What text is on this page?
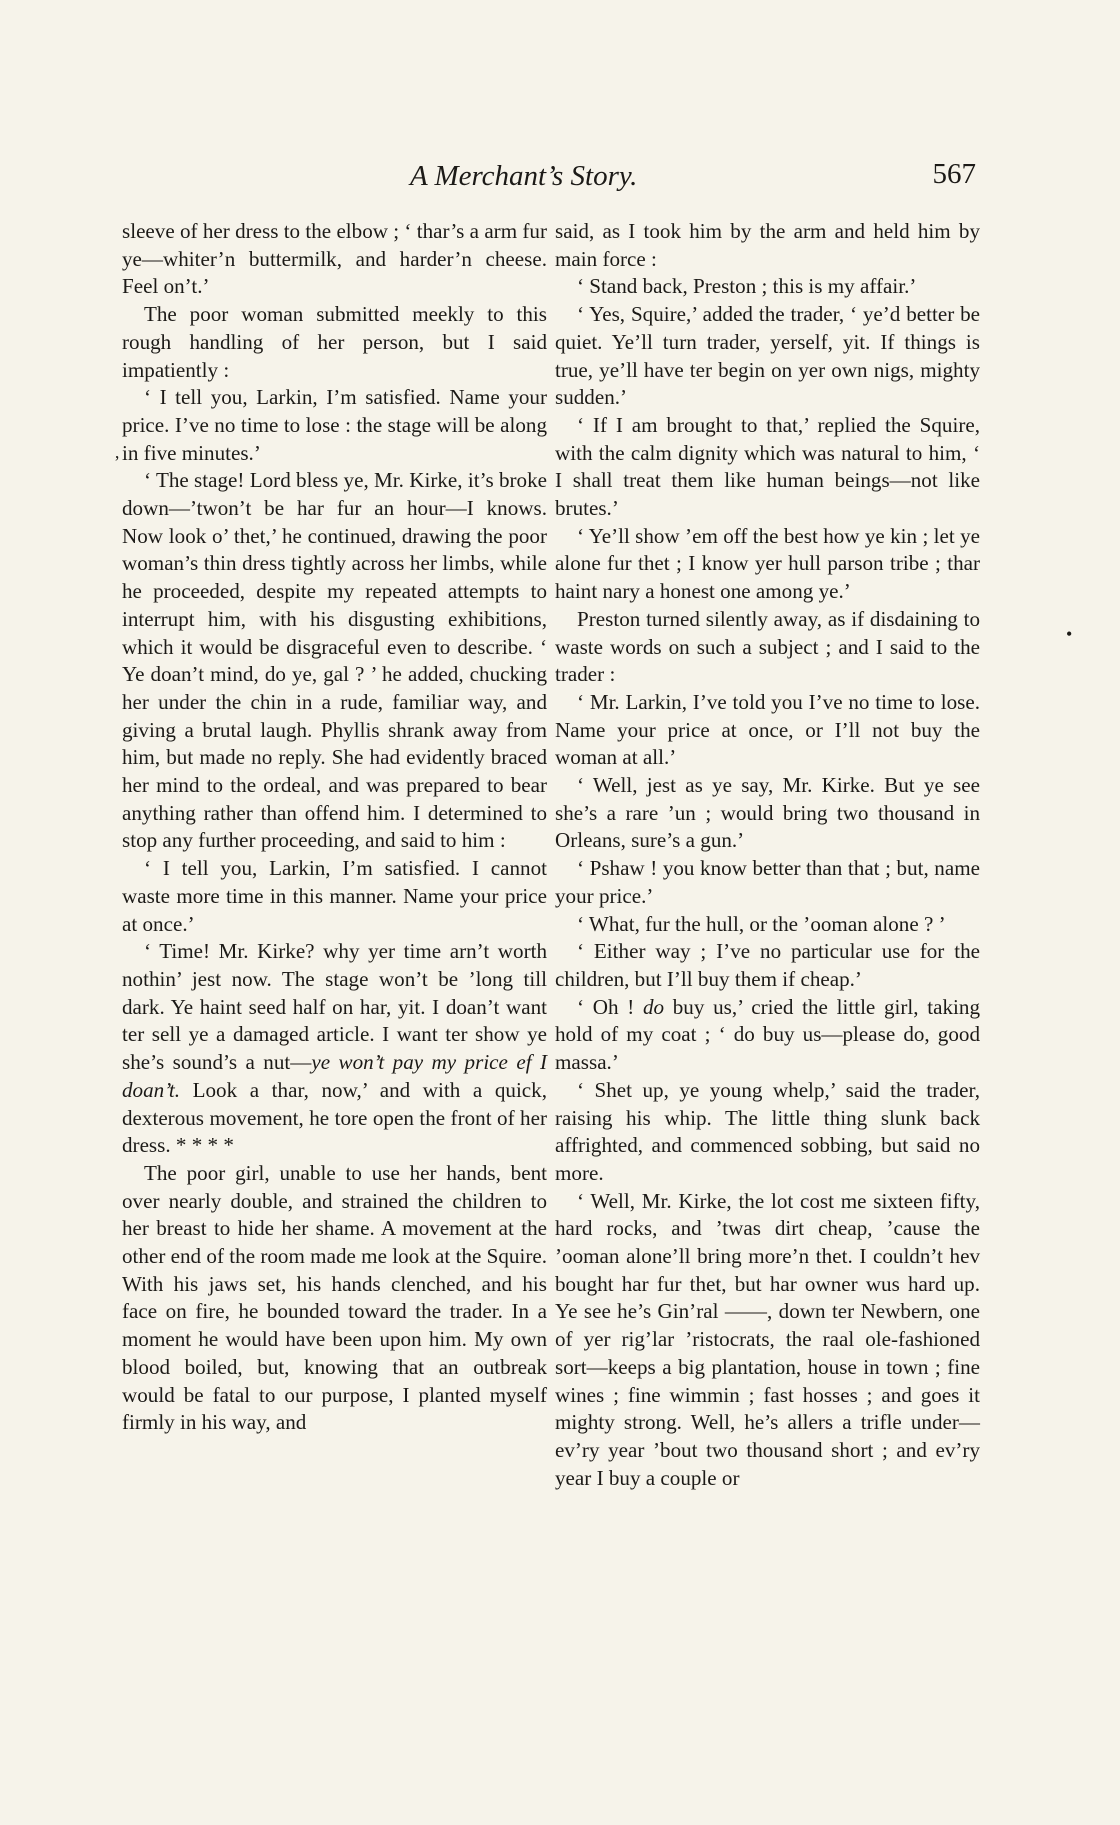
A Merchant’s Story.	567

sleeve of her dress to the elbow ; ‘ thar’s a arm fur ye—whiter’n buttermilk, and harder’n cheese. Feel on’t.’

The poor woman submitted meekly to this rough handling of her person, but I said impatiently :

‘ I tell you, Larkin, I’m satisfied. Name your price. I’ve no time to lose : the stage will be along in five minutes.’

‘ The stage! Lord bless ye, Mr. Kirke, it’s broke down—’twon’t be har fur an hour—I knows. Now look o’ thet,’ he continued, drawing the poor woman’s thin dress tightly across her limbs, while he proceeded, despite my repeated attempts to interrupt him, with his disgusting exhibitions, which it would be disgraceful even to describe. ‘ Ye doan’t mind, do ye, gal ? ’ he added, chucking her under the chin in a rude, familiar way, and giving a brutal laugh. Phyllis shrank away from him, but made no reply. She had evidently braced her mind to the ordeal, and was prepared to bear anything rather than offend him. I determined to stop any further proceeding, and said to him :

‘ I tell you, Larkin, I’m satisfied. I cannot waste more time in this manner. Name your price at once.’

‘ Time! Mr. Kirke? why yer time arn’t worth nothin’ jest now. The stage won’t be ’long till dark. Ye haint seed half on har, yit. I doan’t want ter sell ye a damaged article. I want ter show ye she’s sound’s a nut—ye won’t pay my price ef I doan’t. Look a thar, now,’ and with a quick, dexterous movement, he tore open the front of her dress. * * * *

The poor girl, unable to use her hands, bent over nearly double, and strained the children to her breast to hide her shame. A movement at the other end of the room made me look at the Squire. With his jaws set, his hands clenched, and his face on fire, he bounded toward the trader. In a moment he would have been upon him. My own blood boiled, but, knowing that an outbreak would be fatal to our purpose, I planted myself firmly in his way, and

said, as I took him by the arm and held him by main force :

‘ Stand back, Preston ; this is my affair.’

‘ Yes, Squire,’ added the trader, ‘ ye’d better be quiet. Ye’ll turn trader, yerself, yit. If things is true, ye’ll have ter begin on yer own nigs, mighty sudden.’

‘ If I am brought to that,’ replied the Squire, with the calm dignity which was natural to him, ‘ I shall treat them like human beings—not like brutes.’

‘ Ye’ll show ’em off the best how ye kin ; let ye alone fur thet ; I know yer hull parson tribe ; thar haint nary a honest one among ye.’

Preston turned silently away, as if disdaining to waste words on such a subject ; and I said to the trader :

‘ Mr. Larkin, I’ve told you I’ve no time to lose. Name your price at once, or I’ll not buy the woman at all.’

‘ Well, jest as ye say, Mr. Kirke. But ye see she’s a rare ’un ; would bring two thousand in Orleans, sure’s a gun.’

‘ Pshaw ! you know better than that ; but, name your price.’

‘ What, fur the hull, or the ’ooman alone ? ’

‘ Either way ; I’ve no particular use for the children, but I’ll buy them if cheap.’

‘ Oh ! do buy us,’ cried the little girl, taking hold of my coat ; ‘ do buy us—please do, good massa.’

‘ Shet up, ye young whelp,’ said the trader, raising his whip. The little thing slunk back affrighted, and commenced sobbing, but said no more.

‘ Well, Mr. Kirke, the lot cost me sixteen fifty, hard rocks, and ’twas dirt cheap, ’cause the ’ooman alone’ll bring more’n thet. I couldn’t hev bought har fur thet, but har owner wus hard up. Ye see he’s Gin’ral ——, down ter Newbern, one of yer rig’lar ’ristocrats, the raal ole-fashioned sort—keeps a big plantation, house in town ; fine wines ; fine wimmin ; fast hosses ; and goes it mighty strong. Well, he’s allers a trifle under—ev’ry year ’bout two thousand short ; and ev’ry year I buy a couple or

’
•
